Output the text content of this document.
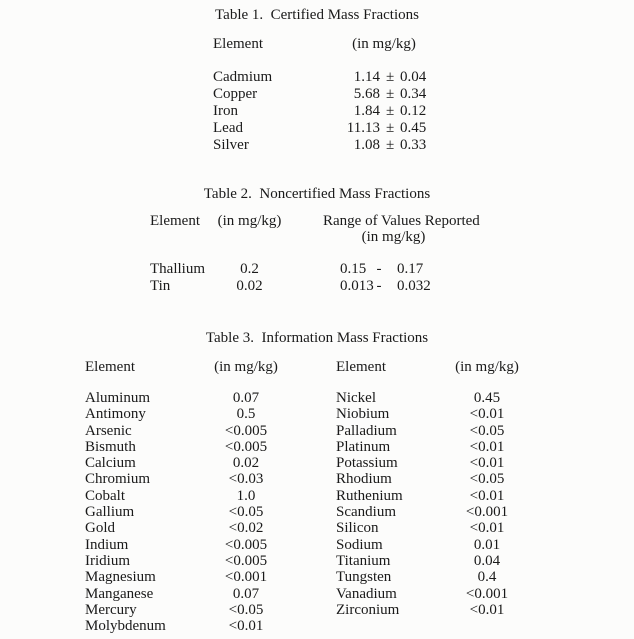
Table 1.  Certified Mass Fractions
Element	(in mg/kg)
Cadmium	1.14 ± 0.04
Copper	5.68 ± 0.34
Iron	1.84 ± 0.12
Lead	11.13 ± 0.45
Silver	1.08 ± 0.33
Table 2.  Noncertified Mass Fractions
Element	(in mg/kg)	Range of Values Reported
(in mg/kg)
Thallium	0.2	0.15 -	0.17
Tin	0.02	0.013 -	0.032
Table 3.  Information Mass Fractions
Element	(in mg/kg)	Element	(in mg/kg)
Aluminum	0.07	Nickel	0.45
Antimony	0.5	Niobium	<0.01
Arsenic	<0.005	Palladium	<0.05
Bismuth	<0.005	Platinum	<0.01
Calcium	0.02	Potassium	<0.01
Chromium	<0.03	Rhodium	<0.05
Cobalt	1.0	Ruthenium	<0.01
Gallium	<0.05	Scandium	<0.001
Gold	<0.02	Silicon	<0.01
Indium	<0.005	Sodium	0.01
Iridium	<0.005	Titanium	0.04
Magnesium	<0.001	Tungsten	0.4
Manganese	0.07	Vanadium	<0.001
Mercury	<0.05	Zirconium	<0.01
Molybdenum	<0.01
